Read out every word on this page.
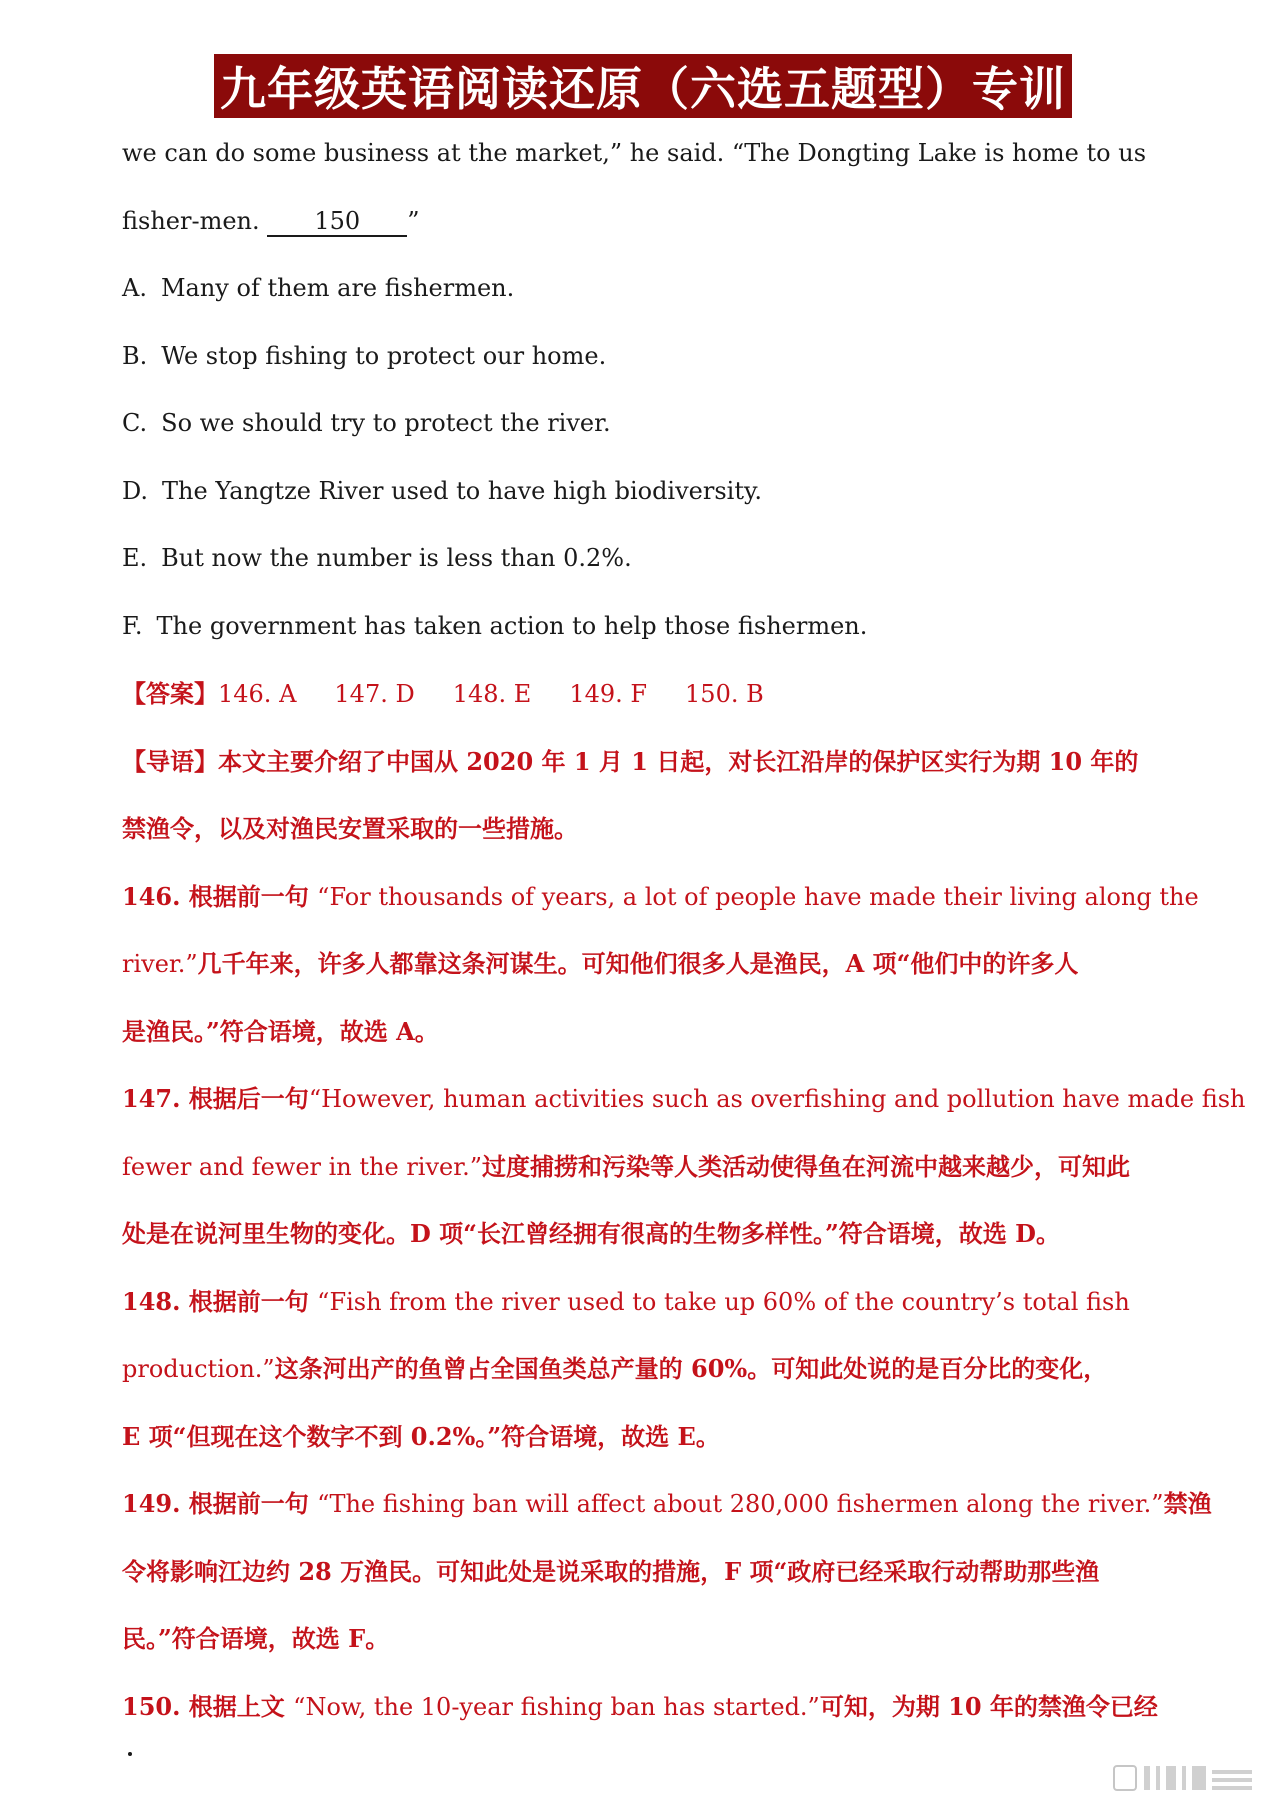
九年级英语阅读还原（六选五题型）专训
we can do some business at the market,” he said. “The Dongting Lake is home to us
fisher-men. 150 ”
A. Many of them are fishermen.
B. We stop fishing to protect our home.
C. So we should try to protect the river.
D. The Yangtze River used to have high biodiversity.
E. But now the number is less than 0.2%.
F. The government has taken action to help those fishermen.
【答案】146. A 147. D 148. E 149. F 150. B
【导语】本文主要介绍了中国从 2020 年 1 月 1 日起，对长江沿岸的保护区实行为期 10 年的
禁渔令，以及对渔民安置采取的一些措施。
146. 根据前一句 “For thousands of years, a lot of people have made their living along the
river.”几千年来，许多人都靠这条河谋生。可知他们很多人是渔民，A 项“他们中的许多人
是渔民。”符合语境，故选 A。
147. 根据后一句“However, human activities such as overfishing and pollution have made fish
fewer and fewer in the river.”过度捕捞和污染等人类活动使得鱼在河流中越来越少，可知此
处是在说河里生物的变化。D 项“长江曾经拥有很高的生物多样性。”符合语境，故选 D。
148. 根据前一句 “Fish from the river used to take up 60% of the country’s total fish
production.”这条河出产的鱼曾占全国鱼类总产量的 60%。可知此处说的是百分比的变化，
E 项“但现在这个数字不到 0.2%。”符合语境，故选 E。
149. 根据前一句 “The fishing ban will affect about 280,000 fishermen along the river.”禁渔
令将影响江边约 28 万渔民。可知此处是说采取的措施，F 项“政府已经采取行动帮助那些渔
民。”符合语境，故选 F。
150. 根据上文 “Now, the 10-year fishing ban has started.”可知，为期 10 年的禁渔令已经
